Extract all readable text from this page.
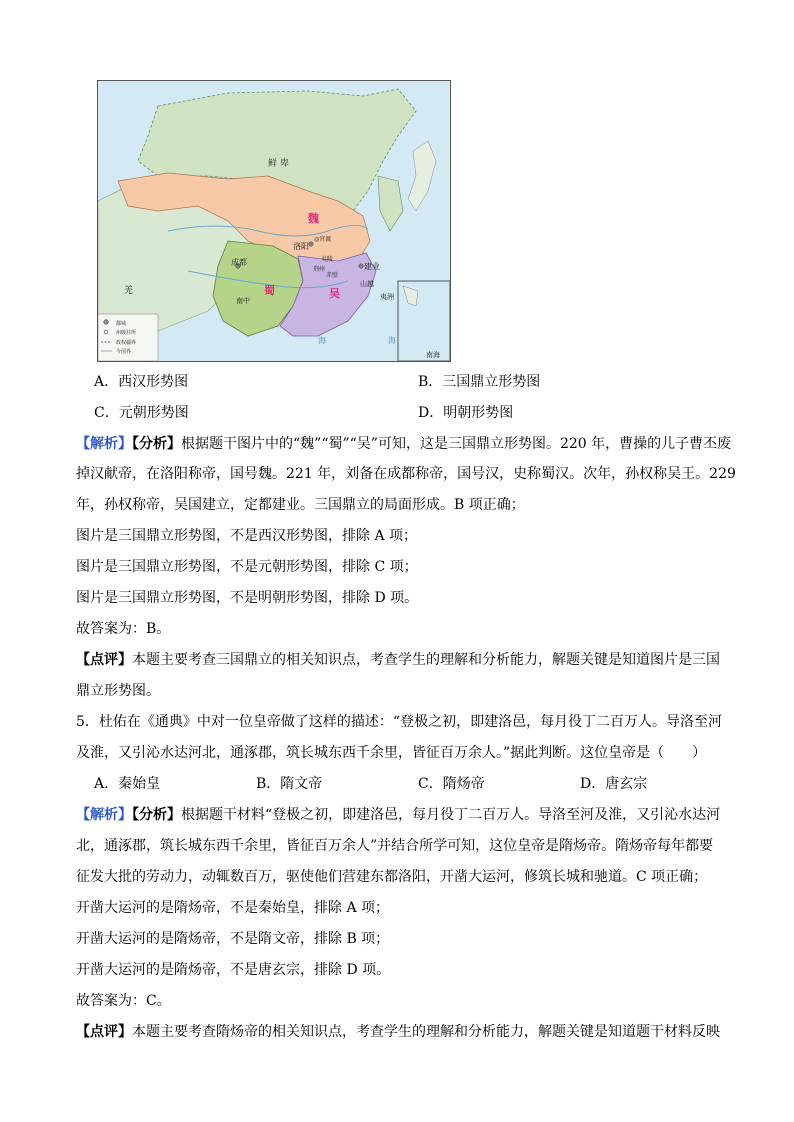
鲜 卑
羌
洛阳
◎官渡
成都	建业
南中
山越
夷洲
荆州
夷陵
赤壁
海	海
南海
都城
州级驻所
政权疆界
今国界
魏
蜀	吴
A．西汉形势图	B．三国鼎立形势图
C．元朝形势图	D．明朝形势图
【解析】【分析】根据题干图片中的“魏”“蜀”“吴”可知，这是三国鼎立形势图。220 年，曹操的儿子曹丕废
掉汉献帝，在洛阳称帝，国号魏。221 年，刘备在成都称帝，国号汉，史称蜀汉。次年，孙权称吴王。229
年，孙权称帝，吴国建立，定都建业。三国鼎立的局面形成。B 项正确；
图片是三国鼎立形势图，不是西汉形势图，排除 A 项；
图片是三国鼎立形势图，不是元朝形势图，排除 C 项；
图片是三国鼎立形势图，不是明朝形势图，排除 D 项。
故答案为：B。
【点评】本题主要考查三国鼎立的相关知识点，考查学生的理解和分析能力，解题关键是知道图片是三国
鼎立形势图。
5．杜佑在《通典》中对一位皇帝做了这样的描述：“登极之初，即建洛邑，每月役丁二百万人。导洛至河
及淮，又引沁水达河北，通涿郡，筑长城东西千余里，皆征百万余人。”据此判断。这位皇帝是（　　）
A．秦始皇	B．隋文帝	C．隋炀帝	D．唐玄宗
【解析】【分析】根据题干材料“登极之初，即建洛邑，每月役丁二百万人。导洛至河及淮，又引沁水达河
北，通涿郡，筑长城东西千余里，皆征百万余人”并结合所学可知，这位皇帝是隋炀帝。隋炀帝每年都要
征发大批的劳动力，动辄数百万，驱使他们营建东都洛阳，开凿大运河，修筑长城和驰道。C 项正确；
开凿大运河的是隋炀帝，不是秦始皇，排除 A 项；
开凿大运河的是隋炀帝，不是隋文帝，排除 B 项；
开凿大运河的是隋炀帝，不是唐玄宗，排除 D 项。
故答案为：C。
【点评】本题主要考查隋炀帝的相关知识点，考查学生的理解和分析能力，解题关键是知道题干材料反映
